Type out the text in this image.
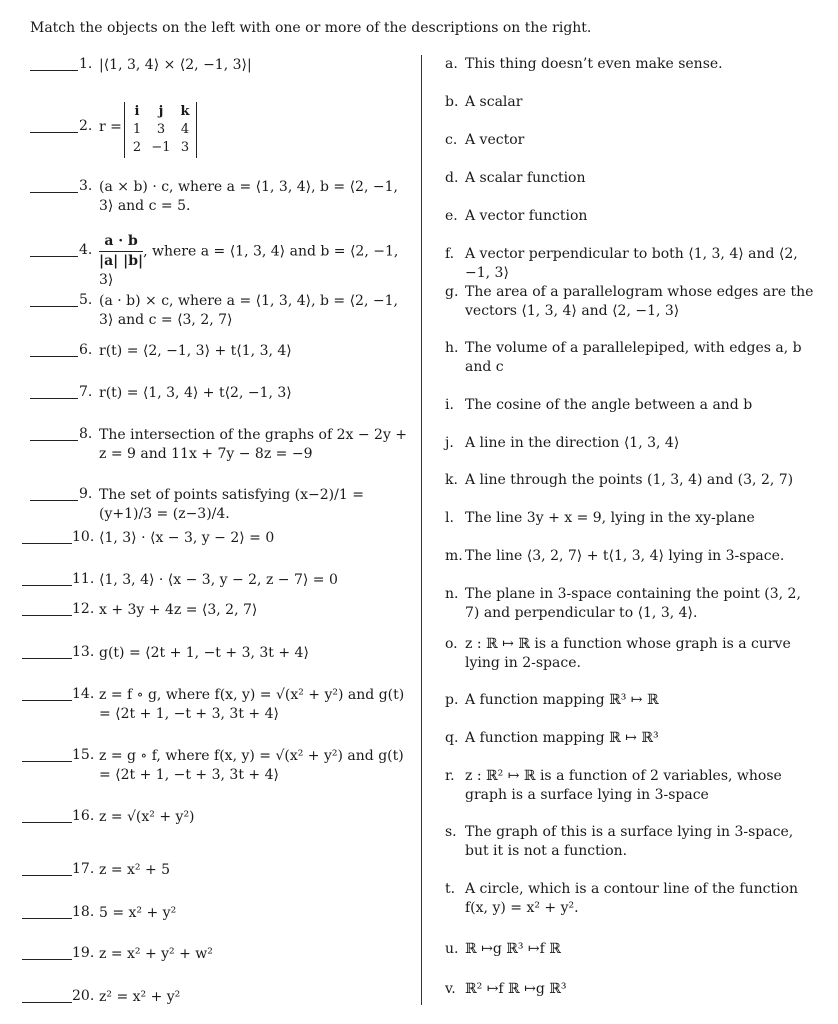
Match the objects on the left with one or more of the descriptions on the right.
1. |⟨1, 3, 4⟩ × ⟨2, −1, 3⟩|
2. r =
i	j	k
1	3	4
2 −1 3
3. (a × b) · c, where a = ⟨1, 3, 4⟩, b = ⟨2, −1, 3⟩ and c = 5.
4. $\frac{a \cdot b}{|a| |b|}$ , where a = ⟨1, 3, 4⟩ and b = ⟨2, −1, 3⟩
5. (a · b) × c, where a = ⟨1, 3, 4⟩, b = ⟨2, −1, 3⟩ and c = ⟨3, 2, 7⟩
6. r(t) = ⟨2, −1, 3⟩ + t⟨1, 3, 4⟩
7. r(t) = ⟨1, 3, 4⟩ + t⟨2, −1, 3⟩
8. The intersection of the graphs of 2x − 2y + z = 9 and 11x + 7y − 8z = −9
9. The set of points satisfying (x−2)/1 = (y+1)/3 = (z−3)/4.
10. ⟨1, 3⟩ · ⟨x − 3, y − 2⟩ = 0
11. ⟨1, 3, 4⟩ · ⟨x − 3, y − 2, z − 7⟩ = 0
12. x + 3y + 4z = ⟨3, 2, 7⟩
13. g(t) = ⟨2t + 1, −t + 3, 3t + 4⟩
14. z = f ∘ g, where f(x, y) = √(x² + y²) and g(t) = ⟨2t + 1, −t + 3, 3t + 4⟩
15. z = g ∘ f, where f(x, y) = √(x² + y²) and g(t) = ⟨2t + 1, −t + 3, 3t + 4⟩
16. z = √(x² + y²)
17. z = x² + 5
18. 5 = x² + y²
19. z = x² + y² + w²
20. z² = x² + y²
a. This thing doesn’t even make sense.
b. A scalar
c. A vector
d. A scalar function
e. A vector function
f. A vector perpendicular to both ⟨1, 3, 4⟩ and ⟨2, −1, 3⟩
g. The area of a parallelogram whose edges are the vectors ⟨1, 3, 4⟩ and ⟨2, −1, 3⟩
h. The volume of a parallelepiped, with edges a, b and c
i. The cosine of the angle between a and b
j. A line in the direction ⟨1, 3, 4⟩
k. A line through the points (1, 3, 4) and (3, 2, 7)
l. The line 3y + x = 9, lying in the xy-plane
m. The line ⟨3, 2, 7⟩ + t⟨1, 3, 4⟩ lying in 3-space.
n. The plane in 3-space containing the point (3, 2, 7) and perpendicular to ⟨1, 3, 4⟩.
o. z : ℝ ↦ ℝ is a function whose graph is a curve lying in 2-space.
p. A function mapping ℝ³ ↦ ℝ
q. A function mapping ℝ ↦ ℝ³
r. z : ℝ² ↦ ℝ is a function of 2 variables, whose graph is a surface lying in 3-space
s. The graph of this is a surface lying in 3-space, but it is not a function.
t. A circle, which is a contour line of the function f(x, y) = x² + y².
u. ℝ ↦g ℝ³ ↦f ℝ
v. ℝ² ↦f ℝ ↦g ℝ³
